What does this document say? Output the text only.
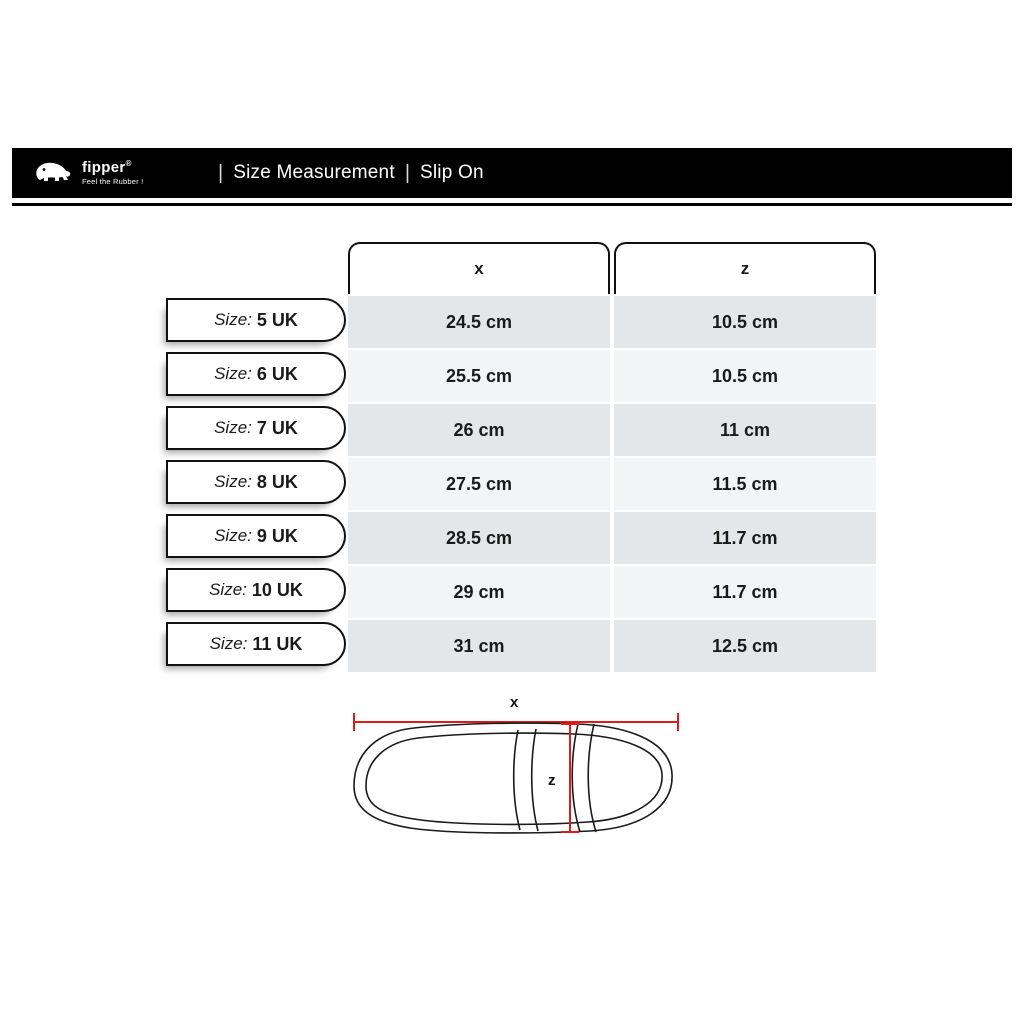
fipper®
Feel the Rubber !	| Size Measurement | Slip On
x	z
Size: 5 UK	24.5 cm	10.5 cm
Size: 6 UK	25.5 cm	10.5 cm
Size: 7 UK	26 cm	11 cm
Size: 8 UK	27.5 cm	11.5 cm
Size: 9 UK	28.5 cm	11.7 cm
Size: 10 UK	29 cm	11.7 cm
Size: 11 UK	31 cm	12.5 cm
x
z
